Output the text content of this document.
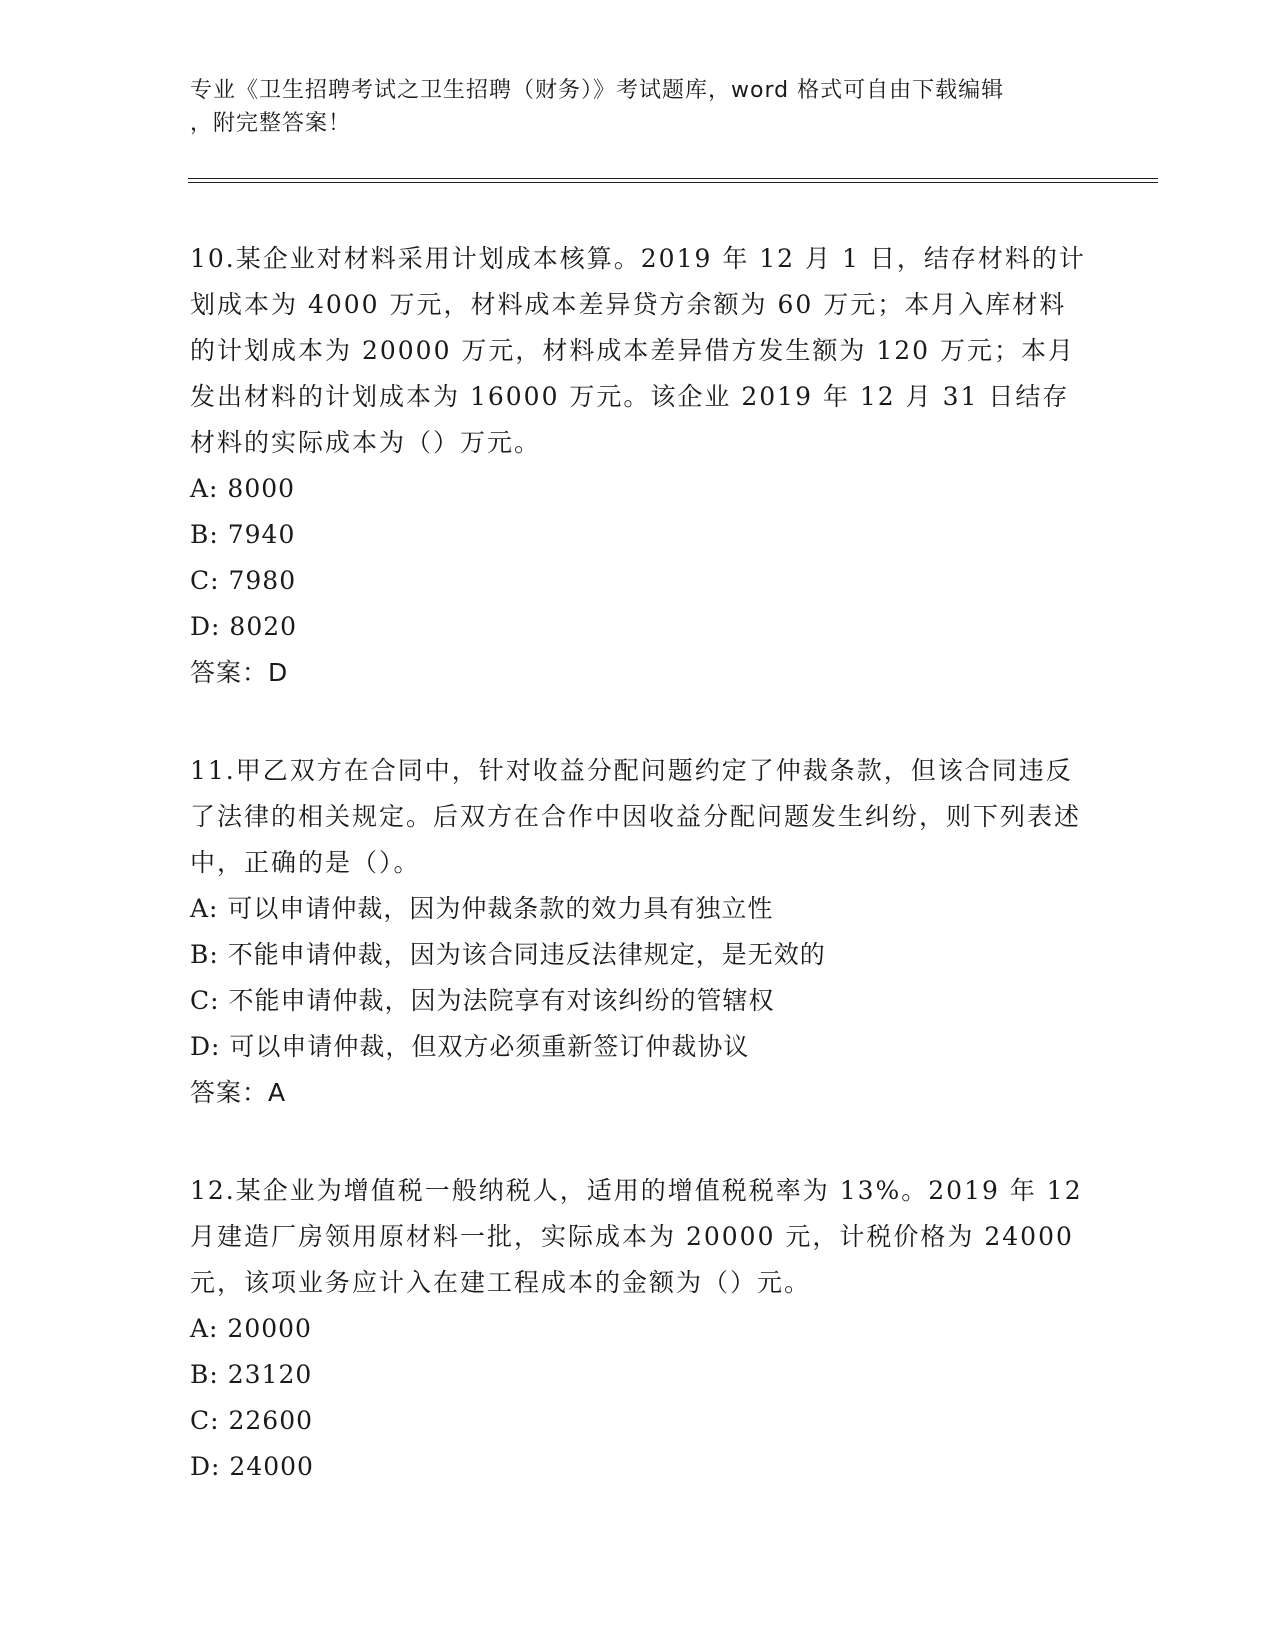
专业《卫生招聘考试之卫生招聘（财务）》考试题库，word 格式可自由下载编辑
，附完整答案！
10.某企业对材料采用计划成本核算。2019 年 12 月 1 日，结存材料的计划成本为 4000 万元，材料成本差异贷方余额为 60 万元；本月入库材料的计划成本为 20000 万元，材料成本差异借方发生额为 120 万元；本月发出材料的计划成本为 16000 万元。该企业 2019 年 12 月 31 日结存材料的实际成本为（）万元。
A: 8000
B: 7940
C: 7980
D: 8020
答案：D
11.甲乙双方在合同中，针对收益分配问题约定了仲裁条款，但该合同违反了法律的相关规定。后双方在合作中因收益分配问题发生纠纷，则下列表述中，正确的是（）。
A: 可以申请仲裁，因为仲裁条款的效力具有独立性
B: 不能申请仲裁，因为该合同违反法律规定，是无效的
C: 不能申请仲裁，因为法院享有对该纠纷的管辖权
D: 可以申请仲裁，但双方必须重新签订仲裁协议
答案：A
12.某企业为增值税一般纳税人，适用的增值税税率为 13%。2019 年 12 月建造厂房领用原材料一批，实际成本为 20000 元，计税价格为 24000 元，该项业务应计入在建工程成本的金额为（）元。
A: 20000
B: 23120
C: 22600
D: 24000
